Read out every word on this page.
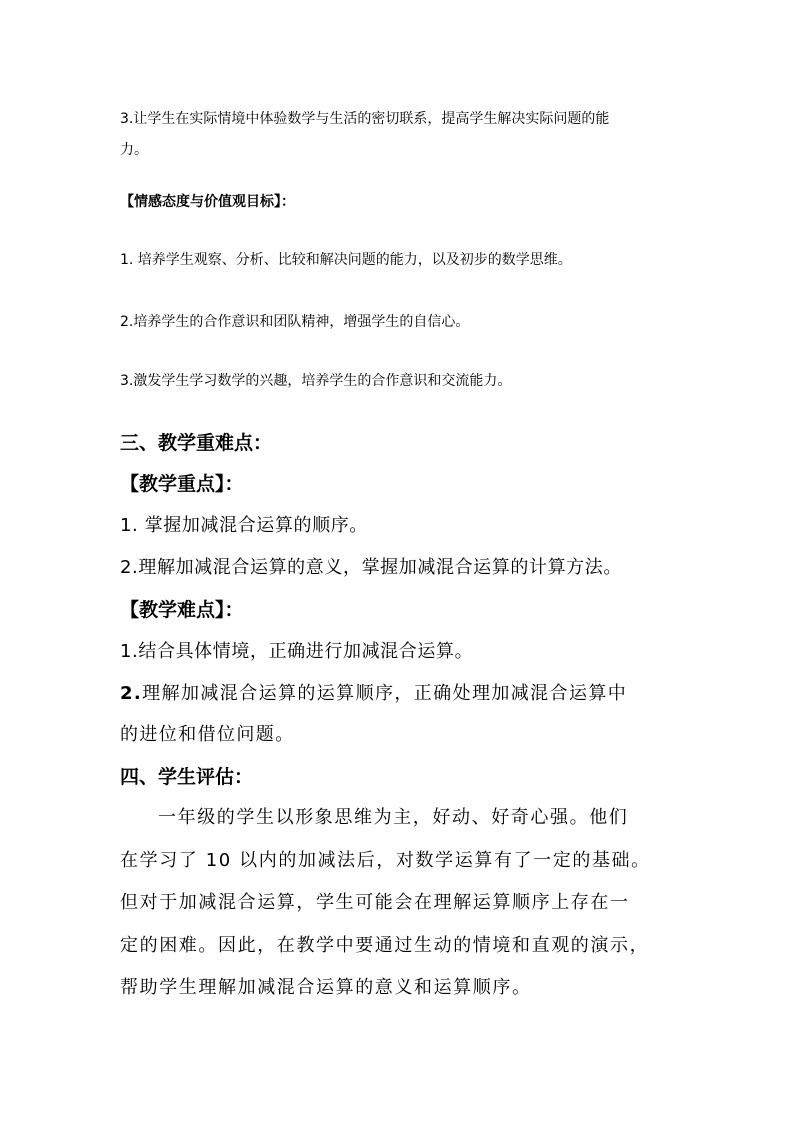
3.让学生在实际情境中体验数学与生活的密切联系，提高学生解决实际问题的能

力。

【情感态度与价值观目标】：

1. 培养学生观察、分析、比较和解决问题的能力，以及初步的数学思维。

2.培养学生的合作意识和团队精神，增强学生的自信心。

3.激发学生学习数学的兴趣，培养学生的合作意识和交流能力。

三、教学重难点：

【教学重点】：

1. 掌握加减混合运算的顺序。

2.理解加减混合运算的意义，掌握加减混合运算的计算方法。

【教学难点】：

1.结合具体情境，正确进行加减混合运算。

2.理解加减混合运算的运算顺序，正确处理加减混合运算中

的进位和借位问题。

四、学生评估：

一年级的学生以形象思维为主，好动、好奇心强。他们

在学习了 10 以内的加减法后，对数学运算有了一定的基础。

但对于加减混合运算，学生可能会在理解运算顺序上存在一

定的困难。因此，在教学中要通过生动的情境和直观的演示，

帮助学生理解加减混合运算的意义和运算顺序。
